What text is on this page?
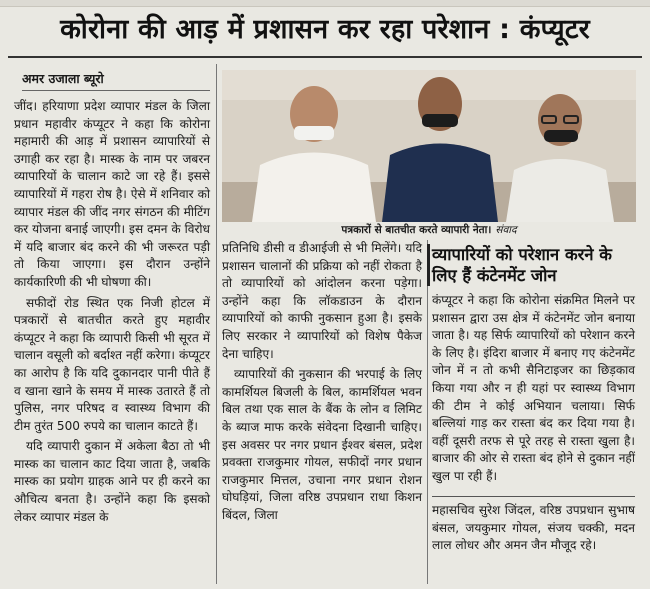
कोरोना की आड़ में प्रशासन कर रहा परेशान : कंप्यूटर
अमर उजाला ब्यूरो

जींद। हरियाणा प्रदेश व्यापार मंडल के जिला प्रधान महावीर कंप्यूटर ने कहा कि कोरोना महामारी की आड़ में प्रशासन व्यापारियों से उगाही कर रहा है। मास्क के नाम पर जबरन व्यापारियों के चालान काटे जा रहे हैं। इससे व्यापारियों में गहरा रोष है। ऐसे में शनिवार को व्यापार मंडल की जींद नगर संगठन की मीटिंग कर योजना बनाई जाएगी। इस दमन के विरोध में यदि बाजार बंद करने की भी जरूरत पड़ी तो किया जाएगा। इस दौरान उन्होंने कार्यकारिणी की भी घोषणा की।

सफीदों रोड स्थित एक निजी होटल में पत्रकारों से बातचीत करते हुए महावीर कंप्यूटर ने कहा कि व्यापारी किसी भी सूरत में चालान वसूली को बर्दाश्त नहीं करेगा। कंप्यूटर का आरोप है कि यदि दुकानदार पानी पीते हैं व खाना खाने के समय में मास्क उतारते हैं तो पुलिस, नगर परिषद व स्वास्थ्य विभाग की टीम तुरंत 500 रुपये का चालान काटते हैं।

यदि व्यापारी दुकान में अकेला बैठा तो भी मास्क का चालान काट दिया जाता है, जबकि मास्क का प्रयोग ग्राहक आने पर ही करने का औचित्य बनता है। उन्होंने कहा कि इसको लेकर व्यापार मंडल के

पत्रकारों से बातचीत करते व्यापारी नेता। संवाद

प्रतिनिधि डीसी व डीआईजी से भी मिलेंगे। यदि प्रशासन चालानों की प्रक्रिया को नहीं रोकता है तो व्यापारियों को आंदोलन करना पड़ेगा। उन्होंने कहा कि लॉकडाउन के दौरान व्यापारियों को काफी नुकसान हुआ है। इसके लिए सरकार ने व्यापारियों को विशेष पैकेज देना चाहिए।

व्यापारियों की नुकसान की भरपाई के लिए कामर्शियल बिजली के बिल, कामर्शियल भवन बिल तथा एक साल के बैंक के लोन व लिमिट के ब्याज माफ करके संवेदना दिखानी चाहिए। इस अवसर पर नगर प्रधान ईश्वर बंसल, प्रदेश प्रवक्ता राजकुमार गोयल, सफीदों नगर प्रधान राजकुमार मित्तल, उचाना नगर प्रधान रोशन घोघड़ियां, जिला वरिष्ठ उपप्रधान राधा किशन बिंदल, जिला

व्यापारियों को परेशान करने के लिए हैं कंटेनमेंट जोन

कंप्यूटर ने कहा कि कोरोना संक्रमित मिलने पर प्रशासन द्वारा उस क्षेत्र में कंटेनमेंट जोन बनाया जाता है। यह सिर्फ व्यापारियों को परेशान करने के लिए है। इंदिरा बाजार में बनाए गए कंटेनमेंट जोन में न तो कभी सैनिटाइजर का छिड़काव किया गया और न ही यहां पर स्वास्थ्य विभाग की टीम ने कोई अभियान चलाया। सिर्फ बल्लियां गाड़ कर रास्ता बंद कर दिया गया है। वहीं दूसरी तरफ से पूरे तरह से रास्ता खुला है। बाजार की ओर से रास्ता बंद होने से दुकान नहीं खुल पा रही हैं।

महासचिव सुरेश जिंदल, वरिष्ठ उपप्रधान सुभाष बंसल, जयकुमार गोयल, संजय चक्की, मदन लाल लोधर और अमन जैन मौजूद रहे।
